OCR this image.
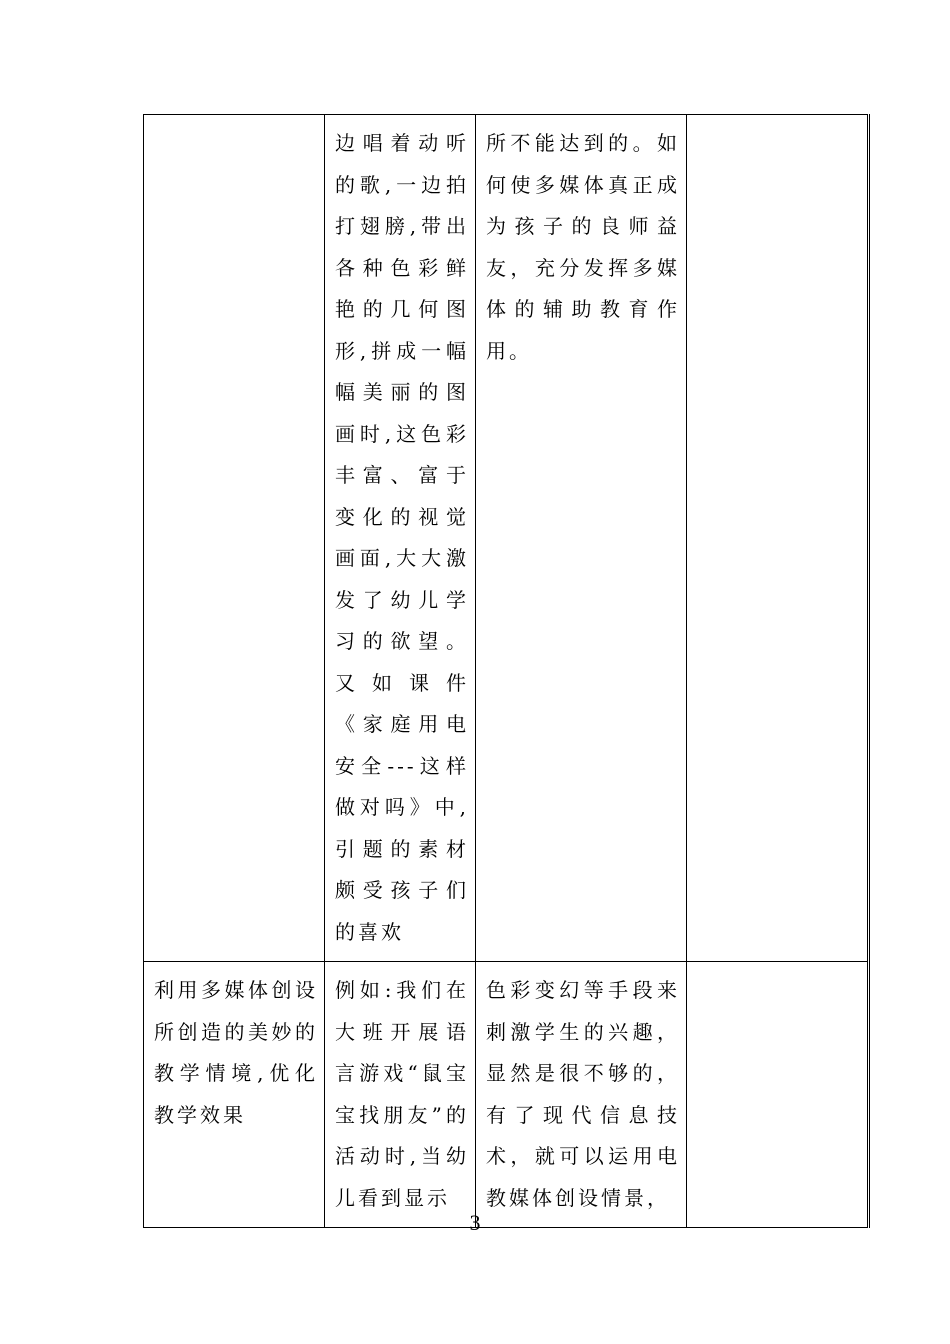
	边唱着动听的歌,一边拍打翅膀,带出各种色彩鲜艳的几何图形,拼成一幅幅美丽的图画时,这色彩丰富、富于变化的视觉画面,大大激发了幼儿学习的欲望。又如课件《家庭用电安全---这样做对吗》中,引题的素材颇受孩子们的喜欢	所不能达到的。如何使多媒体真正成为孩子的良师益友，充分发挥多媒体的辅助教育作用。	
利用多媒体创设所创造的美妙的教学情境,优化教学效果	例如:我们在大班开展语言游戏“鼠宝宝找朋友”的活动时,当幼儿看到显示	色彩变幻等手段来刺激学生的兴趣，显然是很不够的，有了现代信息技术，就可以运用电教媒体创设情景，	
3
